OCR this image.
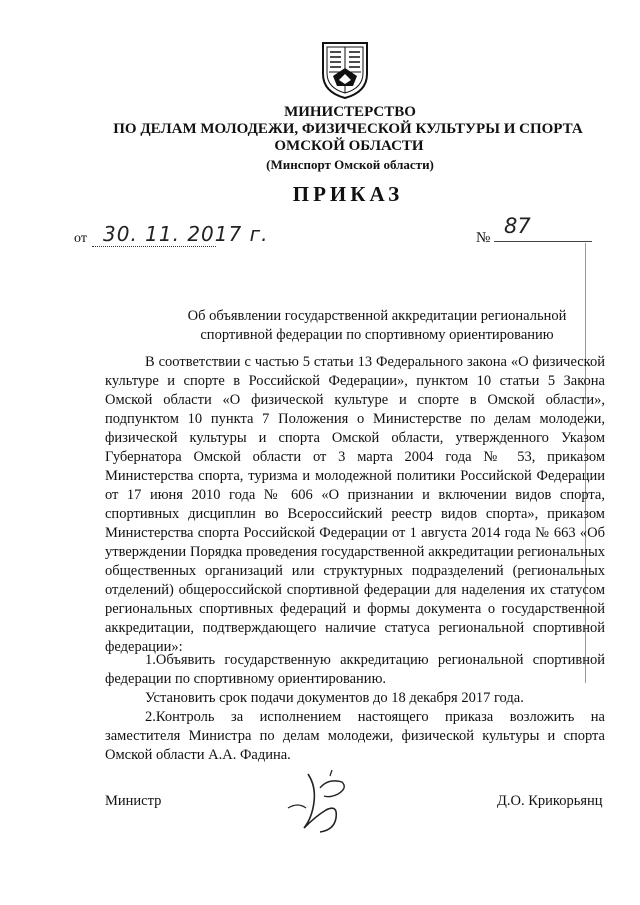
МИНИСТЕРСТВО
ПО ДЕЛАМ МОЛОДЕЖИ, ФИЗИЧЕСКОЙ КУЛЬТУРЫ И СПОРТА
ОМСКОЙ ОБЛАСТИ
(Минспорт Омской области)
ПРИКАЗ
от 30. 11. 2017 г.	№ 87
Об объявлении государственной аккредитации региональной спортивной федерации по спортивному ориентированию
В соответствии с частью 5 статьи 13 Федерального закона «О физической культуре и спорте в Российской Федерации», пунктом 10 статьи 5 Закона Омской области «О физической культуре и спорте в Омской области», подпунктом 10 пункта 7 Положения о Министерстве по делам молодежи, физической культуры и спорта Омской области, утвержденного Указом Губернатора Омской области от 3 марта 2004 года № 53, приказом Министерства спорта, туризма и молодежной политики Российской Федерации от 17 июня 2010 года № 606 «О признании и включении видов спорта, спортивных дисциплин во Всероссийский реестр видов спорта», приказом Министерства спорта Российской Федерации от 1 августа 2014 года № 663 «Об утверждении Порядка проведения государственной аккредитации региональных общественных организаций или структурных подразделений (региональных отделений) общероссийской спортивной федерации для наделения их статусом региональных спортивных федераций и формы документа о государственной аккредитации, подтверждающего наличие статуса региональной спортивной федерации»:
1.Объявить государственную аккредитацию региональной спортивной федерации по спортивному ориентированию.
Установить срок подачи документов до 18 декабря 2017 года.
2.Контроль за исполнением настоящего приказа возложить на заместителя Министра по делам молодежи, физической культуры и спорта Омской области А.А. Фадина.
Министр	Д.О. Крикорьянц
